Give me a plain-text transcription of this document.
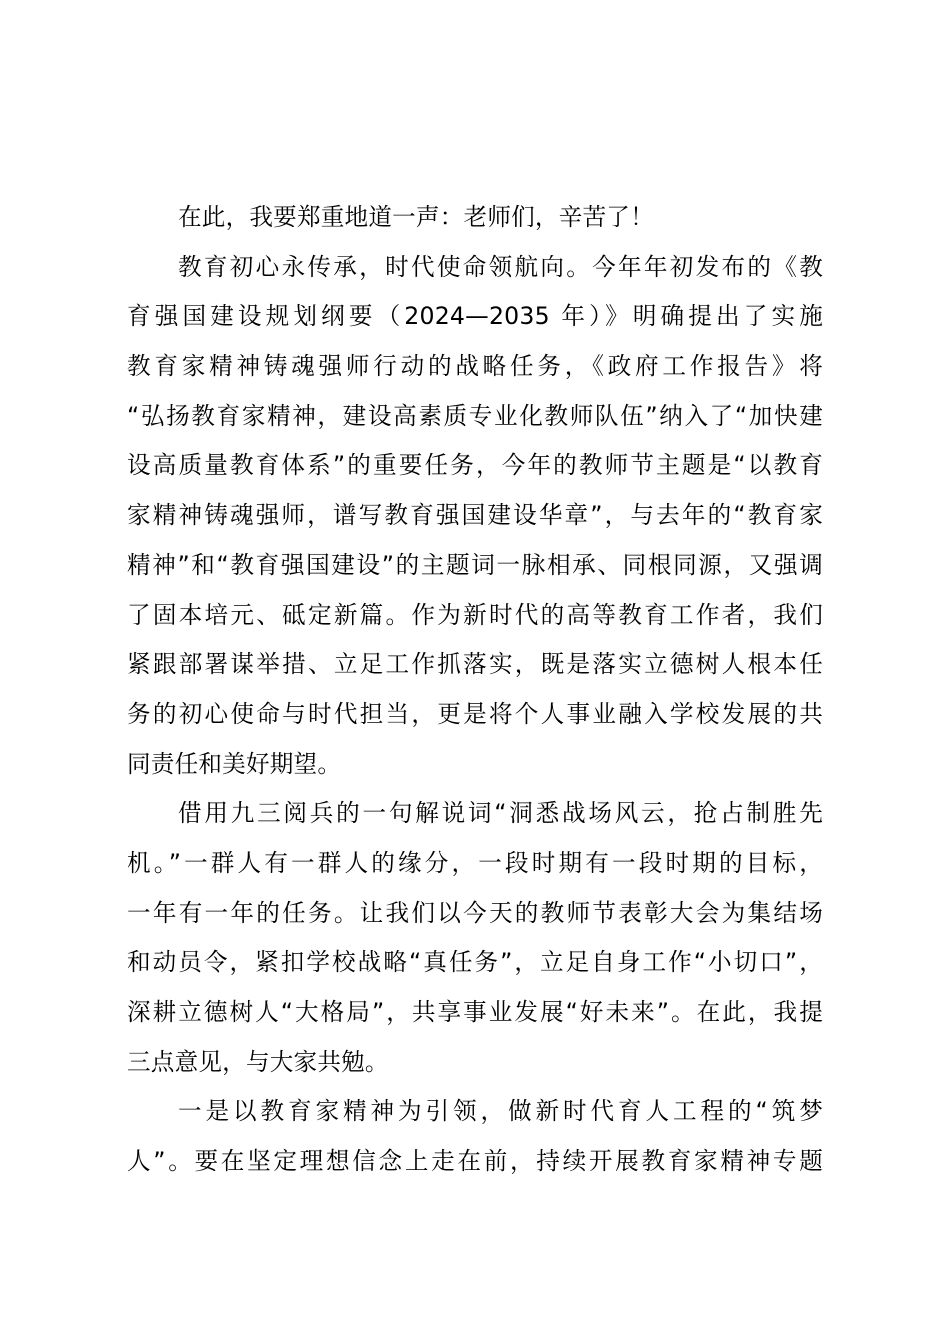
在此，我要郑重地道一声：老师们，辛苦了！
教育初心永传承，时代使命领航向。今年年初发布的《教
育强国建设规划纲要（2024—2035 年）》明确提出了实施
教育家精神铸魂强师行动的战略任务，《政府工作报告》将
“弘扬教育家精神，建设高素质专业化教师队伍”纳入了“加快建
设高质量教育体系”的重要任务，今年的教师节主题是“以教育
家精神铸魂强师，谱写教育强国建设华章”，与去年的“教育家
精神”和“教育强国建设”的主题词一脉相承、同根同源，又强调
了固本培元、砥定新篇。作为新时代的高等教育工作者，我们
紧跟部署谋举措、立足工作抓落实，既是落实立德树人根本任
务的初心使命与时代担当，更是将个人事业融入学校发展的共
同责任和美好期望。
借用九三阅兵的一句解说词“洞悉战场风云，抢占制胜先
机。”一群人有一群人的缘分，一段时期有一段时期的目标，
一年有一年的任务。让我们以今天的教师节表彰大会为集结场
和动员令，紧扣学校战略“真任务”，立足自身工作“小切口”，
深耕立德树人“大格局”，共享事业发展“好未来”。在此，我提
三点意见，与大家共勉。
一是以教育家精神为引领，做新时代育人工程的“筑梦
人”。要在坚定理想信念上走在前，持续开展教育家精神专题
